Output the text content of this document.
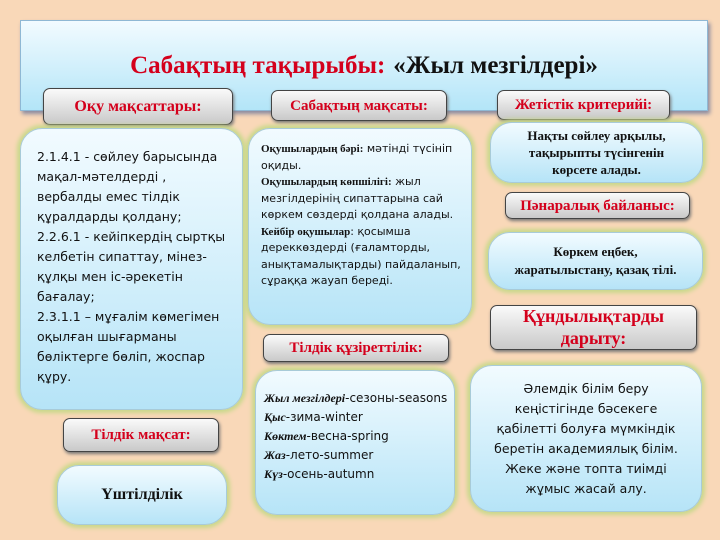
Сабақтың тақырыбы: «Жыл мезгілдері»
Оқу мақсаттары:

2.1.4.1 - сөйлеу барысында мақал-мәтелдерді , вербалды емес тілдік құралдарды қолдану;

2.2.6.1 - кейіпкердің сыртқы келбетін сипаттау, мінез-құлқы мен іс-әрекетін бағалау;

2.3.1.1 – мұғалім көмегімен оқылған шығарманы бөліктерге бөліп, жоспар құру.

Сабақтың мақсаты:

Оқушылардың бәрі: мәтінді түсініп оқиды.

Оқушылардың көпшілігі: жыл мезгілдерінің сипаттарына сай көркем сөздерді қолдана алады.

Кейбір оқушылар: қосымша дереккөздерді (ғаламторды, анықтамалықтарды) пайдаланып, сұраққа жауап береді.

Тілдік құзіреттілік:

Жыл мезгілдері-сезоны-seasons

Қыс-зима-winter

Көктем-весна-spring

Жаз-лето-summer

Күз-осень-autumn

Жетістік критерийі:
Нақты сөйлеу арқылы, тақырыпты түсінгенін көрсете алады.
Пәнаралық байланыс:
Көркем еңбек, жаратылыстану, қазақ тілі.
Құндылықтарды дарыту:
Әлемдік білім беру кеңістігінде бәсекеге қабілетті болуға мүмкіндік беретін академиялық білім. Жеке және топта тиімді жұмыс жасай алу.
Тілдік мақсат:
Үштілділік
